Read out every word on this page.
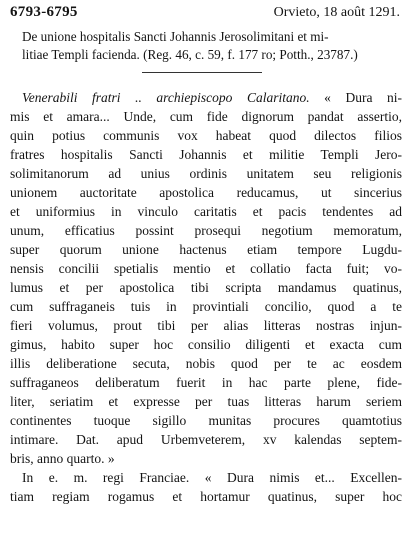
6793-6795	Orvieto, 18 août 1291.
De unione hospitalis Sancti Johannis Jerosolimitani et mi-
litiae Templi facienda. (Reg. 46, c. 59, f. 177 ro; Potth., 23787.)
Venerabili fratri .. archiepiscopo Calaritano. « Dura ni-
mis et amara... Unde, cum fide dignorum pandat assertio,
quin potius communis vox habeat quod dilectos filios
fratres hospitalis Sancti Johannis et militie Templi Jero-
solimitanorum ad unius ordinis unitatem seu religionis
unionem auctoritate apostolica reducamus, ut sincerius
et uniformius in vinculo caritatis et pacis tendentes ad
unum, efficatius possint prosequi negotium memoratum,
super quorum unione hactenus etiam tempore Lugdu-
nensis concilii spetialis mentio et collatio facta fuit; vo-
lumus et per apostolica tibi scripta mandamus quatinus,
cum suffraganeis tuis in provintiali concilio, quod a te
fieri volumus, prout tibi per alias litteras nostras injun-
gimus, habito super hoc consilio diligenti et exacta cum
illis deliberatione secuta, nobis quod per te ac eosdem
suffraganeos deliberatum fuerit in hac parte plene, fide-
liter, seriatim et expresse per tuas litteras harum seriem
continentes tuoque sigillo munitas procures quamtotius
intimare. Dat. apud Urbemveterem, xv kalendas septem-
bris, anno quarto. »
In e. m. regi Franciae. « Dura nimis et... Excellen-
tiam regiam rogamus et hortamur quatinus, super hoc
